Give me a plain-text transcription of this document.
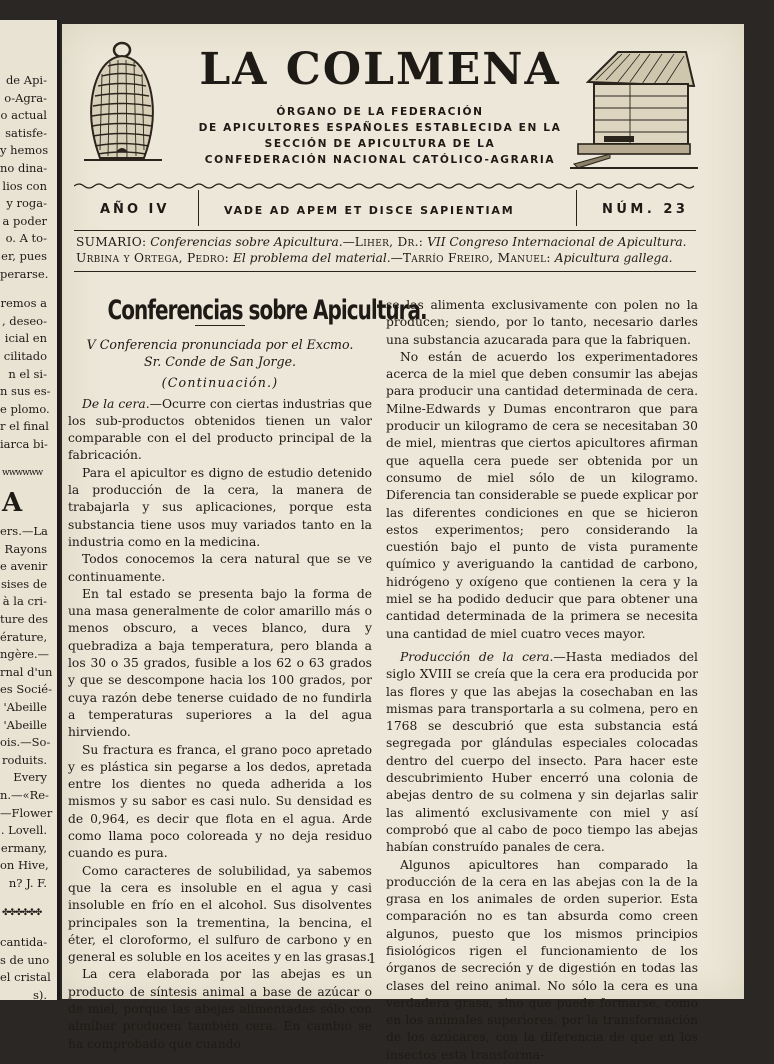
de Api-
o-Agra-
o actual
satisfe-
y hemos
no dina-
lios con
y roga-
a poder
o. A to-
er, pues
perarse.
remos a
, deseo-
icial en
cilitado
n el si-
n sus es-
e plomo.
r el final
iarca bi-
wwwwww
A
ers.—La
Rayons
e avenir
sises de
à la cri-
ture des
érature,
ngère.—
rnal d'un
es Socié-
'Abeille
'Abeille
ois.—So-
roduits.
Every
n.—«Re-
—Flower
. Lovell.
ermany,
on Hive,
n? J. F.
✤✤✤✤✤✤
cantida-
s de uno
el cristal
s).
LA COLMENA
ÓRGANO DE LA FEDERACIÓN
DE APICULTORES ESPAÑOLES ESTABLECIDA EN LA
SECCIÓN DE APICULTURA DE LA
CONFEDERACIÓN NACIONAL CATÓLICO-AGRARIA
AÑO IV	VADE AD APEM ET DISCE SAPIENTIAM	NÚM. 23
SUMARIO: Conferencias sobre Apicultura.—Liher, Dr.: VII Congreso Internacional de Apicultura. Urbina y Ortega, Pedro: El problema del material.—Tarrío Freiro, Manuel: Apicultura gallega.
Conferencias sobre Apicultura.
V Conferencia pronunciada por el Excmo. Sr. Conde de San Jorge.
(Continuación.)

De la cera.—Ocurre con ciertas industrias que los sub-productos obtenidos tienen un valor comparable con el del producto principal de la fabricación.

Para el apicultor es digno de estudio detenido la producción de la cera, la manera de trabajarla y sus aplicaciones, porque esta substancia tiene usos muy variados tanto en la industria como en la medicina.

Todos conocemos la cera natural que se ve continuamente.

En tal estado se presenta bajo la forma de una masa generalmente de color amarillo más o menos obscuro, a veces blanco, dura y quebradiza a baja temperatura, pero blanda a los 30 o 35 grados, fusible a los 62 o 63 grados y que se descompone hacia los 100 grados, por cuya razón debe tenerse cuidado de no fundirla a temperaturas superiores a la del agua hirviendo.

Su fractura es franca, el grano poco apretado y es plástica sin pegarse a los dedos, apretada entre los dientes no queda adherida a los mismos y su sabor es casi nulo. Su densidad es de 0,964, es decir que flota en el agua. Arde como llama poco coloreada y no deja residuo cuando es pura.

Como caracteres de solubilidad, ya sabemos que la cera es insoluble en el agua y casi insoluble en frío en el alcohol. Sus disolventes principales son la trementina, la bencina, el éter, el cloroformo, el sulfuro de carbono y en general es soluble en los aceites y en las grasas.

La cera elaborada por las abejas es un producto de síntesis animal a base de azúcar o de miel, porque las abejas alimentadas sólo con almíbar producen también cera. En cambio se ha comprobado que cuando

se las alimenta exclusivamente con polen no la producen; siendo, por lo tanto, necesario darles una substancia azucarada para que la fabriquen.

No están de acuerdo los experimentadores acerca de la miel que deben consumir las abejas para producir una cantidad determinada de cera. Milne-Edwards y Dumas encontraron que para producir un kilogramo de cera se necesitaban 30 de miel, mientras que ciertos apicultores afirman que aquella cera puede ser obtenida por un consumo de miel sólo de un kilogramo. Diferencia tan considerable se puede explicar por las diferentes condiciones en que se hicieron estos experimentos; pero considerando la cuestión bajo el punto de vista puramente químico y averiguando la cantidad de carbono, hidrógeno y oxígeno que contienen la cera y la miel se ha podido deducir que para obtener una cantidad determinada de la primera se necesita una cantidad de miel cuatro veces mayor.

Producción de la cera.—Hasta mediados del siglo XVIII se creía que la cera era producida por las flores y que las abejas la cosechaban en las mismas para transportarla a su colmena, pero en 1768 se descubrió que esta substancia está segregada por glándulas especiales colocadas dentro del cuerpo del insecto. Para hacer este descubrimiento Huber encerró una colonia de abejas dentro de su colmena y sin dejarlas salir las alimentó exclusivamente con miel y así comprobó que al cabo de poco tiempo las abejas habían construído panales de cera.

Algunos apicultores han comparado la producción de la cera en las abejas con la de la grasa en los animales de orden superior. Esta comparación no es tan absurda como creen algunos, puesto que los mismos principios fisiológicos rigen el funcionamiento de los órganos de secreción y de digestión en todas las clases del reino animal. No sólo la cera es una verdadera grasa, sino que puede formarse, como en los animales superiores, por la transformación de los azúcares, con la diferencia de que en los insectos esta transforma-

1
